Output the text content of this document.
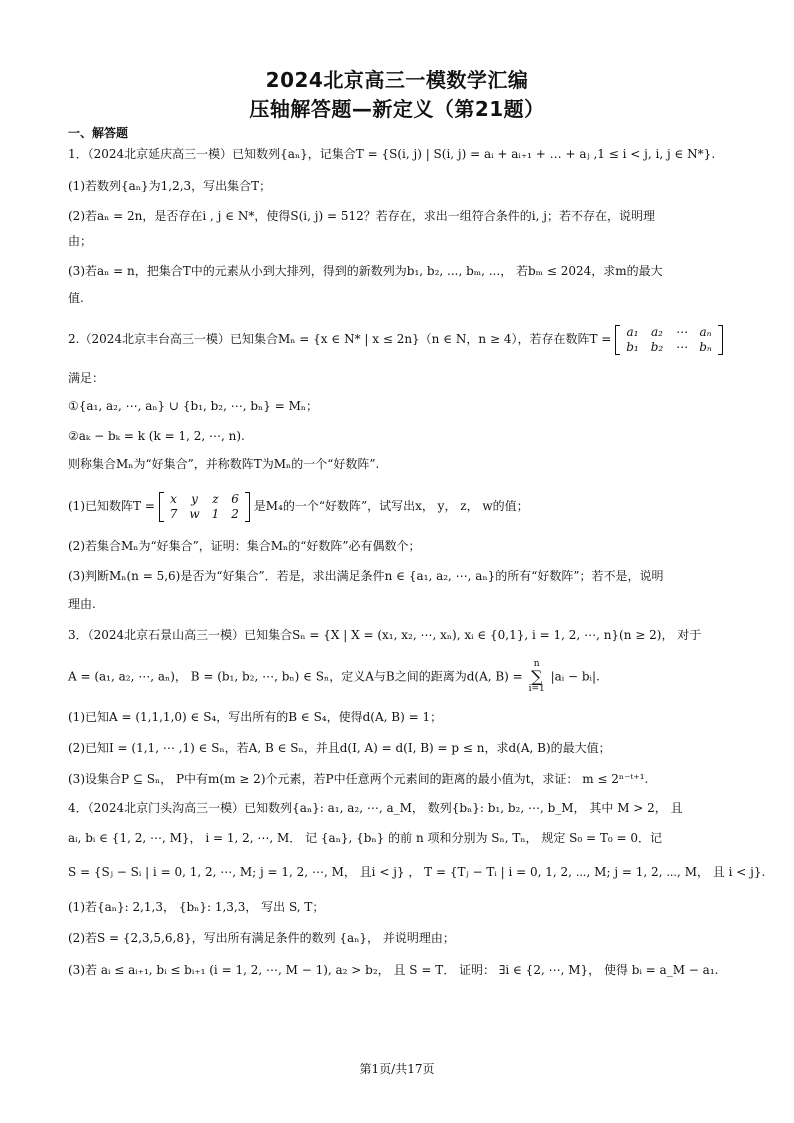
2024北京高三一模数学汇编
压轴解答题—新定义（第21题）
一、解答题
1．（2024北京延庆高三一模）已知数列{aₙ}，记集合T = {S(i, j) | S(i, j) = aᵢ + aᵢ₊₁ + … + aⱼ ,1 ≤ i < j, i, j ∈ N*}.
(1)若数列{aₙ}为1,2,3，写出集合T；
(2)若aₙ = 2n，是否存在i , j ∈ N*，使得S(i, j) = 512？若存在，求出一组符合条件的i, j；若不存在，说明理
由；
(3)若aₙ = n，把集合T中的元素从小到大排列，得到的新数列为b₁, b₂, ..., bₘ, ...， 若bₘ ≤ 2024，求m的最大
值.
2.（2024北京丰台高三一模）已知集合Mₙ = {x ∈ N* | x ≤ 2n}（n ∈ N，n ≥ 4），若存在数阵T =
a₁	a₂	⋯	aₙ
b₁	b₂	⋯	bₙ
满足：
①{a₁, a₂, ⋯, aₙ} ∪ {b₁, b₂, ⋯, bₙ} = Mₙ；
②aₖ − bₖ = k (k = 1, 2, ⋯, n).
则称集合Mₙ为“好集合”，并称数阵T为Mₙ的一个“好数阵”.
(1)已知数阵T =
x	y	z	6
7	w	1	2
是M₄的一个“好数阵”，试写出x， y， z， w的值；
(2)若集合Mₙ为“好集合”，证明：集合Mₙ的“好数阵”必有偶数个；
(3)判断Mₙ(n = 5,6)是否为“好集合”．若是，求出满足条件n ∈ {a₁, a₂, ⋯, aₙ}的所有“好数阵”；若不是，说明
理由.
3．（2024北京石景山高三一模）已知集合Sₙ = {X | X = (x₁, x₂, ⋯, xₙ), xᵢ ∈ {0,1}, i = 1, 2, ⋯, n}(n ≥ 2)， 对于
A = (a₁, a₂, ⋯, aₙ)， B = (b₁, b₂, ⋯, bₙ) ∈ Sₙ，定义A与B之间的距离为d(A, B) =
n
∑
i=1
|aᵢ − bᵢ|.
(1)已知A = (1,1,1,0) ∈ S₄，写出所有的B ∈ S₄，使得d(A, B) = 1；
(2)已知I = (1,1, ⋯ ,1) ∈ Sₙ，若A, B ∈ Sₙ，并且d(I, A) = d(I, B) = p ≤ n，求d(A, B)的最大值；
(3)设集合P ⊆ Sₙ， P中有m(m ≥ 2)个元素，若P中任意两个元素间的距离的最小值为t，求证： m ≤ 2ⁿ⁻ᵗ⁺¹.
4．（2024北京门头沟高三一模）已知数列{aₙ}: a₁, a₂, ⋯, a_M， 数列{bₙ}: b₁, b₂, ⋯, b_M， 其中 M > 2， 且
aᵢ, bᵢ ∈ {1, 2, ⋯, M}， i = 1, 2, ⋯, M． 记 {aₙ}, {bₙ} 的前 n 项和分别为 Sₙ, Tₙ， 规定 S₀ = T₀ = 0．记
S = {Sⱼ − Sᵢ | i = 0, 1, 2, ⋯, M; j = 1, 2, ⋯, M， 且i < j} ， T = {Tⱼ − Tᵢ | i = 0, 1, 2, ⋯, M; j = 1, 2, ⋯, M， 且 i < j}.
(1)若{aₙ}: 2,1,3， {bₙ}: 1,3,3， 写出 S, T；
(2)若S = {2,3,5,6,8}，写出所有满足条件的数列 {aₙ}， 并说明理由；
(3)若 aᵢ ≤ aᵢ₊₁, bᵢ ≤ bᵢ₊₁ (i = 1, 2, ⋯, M − 1), a₂ > b₂， 且 S = T． 证明： ∃i ∈ {2, ⋯, M}， 使得 bᵢ = a_M − a₁.
第1页/共17页
